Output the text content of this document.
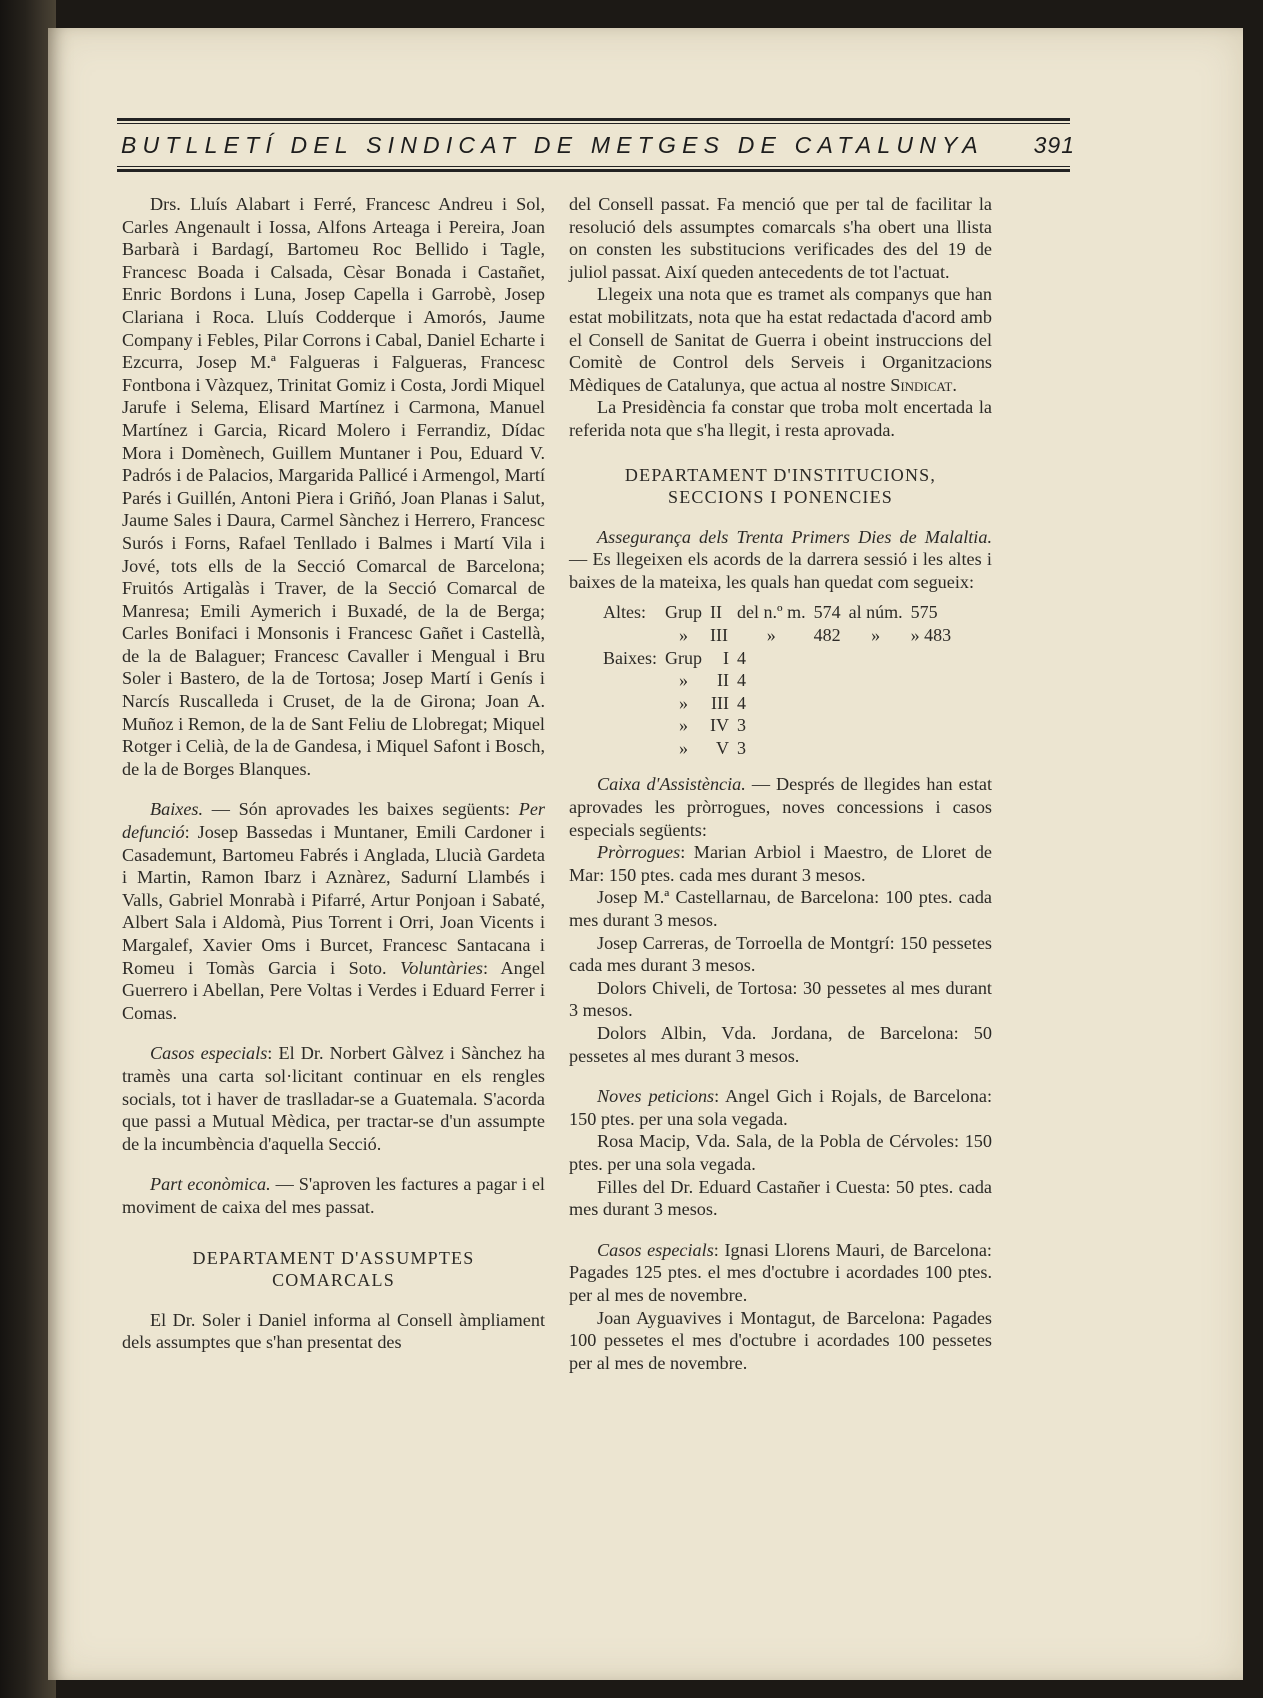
BUTLLETÍ DEL SINDICAT DE METGES DE CATALUNYA 391

Drs. Lluís Alabart i Ferré, Francesc Andreu i Sol, Carles Angenault i Iossa, Alfons Arteaga i Pereira, Joan Barbarà i Bardagí, Bartomeu Roc Bellido i Tagle, Francesc Boada i Calsada, Cèsar Bonada i Castañet, Enric Bordons i Luna, Josep Capella i Garrobè, Josep Clariana i Roca. Lluís Codderque i Amorós, Jaume Company i Febles, Pilar Corrons i Cabal, Daniel Echarte i Ezcurra, Josep M.ª Falgueras i Falgueras, Francesc Fontbona i Vàzquez, Trinitat Gomiz i Costa, Jordi Miquel Jarufe i Selema, Elisard Martínez i Carmona, Manuel Martínez i Garcia, Ricard Molero i Ferrandiz, Dídac Mora i Domènech, Guillem Muntaner i Pou, Eduard V. Padrós i de Palacios, Margarida Pallicé i Armengol, Martí Parés i Guillén, Antoni Piera i Griñó, Joan Planas i Salut, Jaume Sales i Daura, Carmel Sànchez i Herrero, Francesc Surós i Forns, Rafael Tenllado i Balmes i Martí Vila i Jové, tots ells de la Secció Comarcal de Barcelona; Fruitós Artigalàs i Traver, de la Secció Comarcal de Manresa; Emili Aymerich i Buxadé, de la de Berga; Carles Bonifaci i Monsonis i Francesc Gañet i Castellà, de la de Balaguer; Francesc Cavaller i Mengual i Bru Soler i Bastero, de la de Tortosa; Josep Martí i Genís i Narcís Ruscalleda i Cruset, de la de Girona; Joan A. Muñoz i Remon, de la de Sant Feliu de Llobregat; Miquel Rotger i Celià, de la de Gandesa, i Miquel Safont i Bosch, de la de Borges Blanques.

Baixes. — Són aprovades les baixes següents: Per defunció: Josep Bassedas i Muntaner, Emili Cardoner i Casademunt, Bartomeu Fabrés i Anglada, Llucià Gardeta i Martin, Ramon Ibarz i Aznàrez, Sadurní Llambés i Valls, Gabriel Monrabà i Pifarré, Artur Ponjoan i Sabaté, Albert Sala i Aldomà, Pius Torrent i Orri, Joan Vicents i Margalef, Xavier Oms i Burcet, Francesc Santacana i Romeu i Tomàs Garcia i Soto. Voluntàries: Angel Guerrero i Abellan, Pere Voltas i Verdes i Eduard Ferrer i Comas.

Casos especials: El Dr. Norbert Gàlvez i Sànchez ha tramès una carta sol·licitant continuar en els rengles socials, tot i haver de traslladar-se a Guatemala. S'acorda que passi a Mutual Mèdica, per tractar-se d'un assumpte de la incumbència d'aquella Secció.

Part econòmica. — S'aproven les factures a pagar i el moviment de caixa del mes passat.

DEPARTAMENT D'ASSUMPTES COMARCALS

El Dr. Soler i Daniel informa al Consell àmpliament dels assumptes que s'han presentat des

del Consell passat. Fa menció que per tal de facilitar la resolució dels assumptes comarcals s'ha obert una llista on consten les substitucions verificades des del 19 de juliol passat. Així queden antecedents de tot l'actuat.

Llegeix una nota que es tramet als companys que han estat mobilitzats, nota que ha estat redactada d'acord amb el Consell de Sanitat de Guerra i obeint instruccions del Comitè de Control dels Serveis i Organitzacions Mèdiques de Catalunya, que actua al nostre Sindicat.

La Presidència fa constar que troba molt encertada la referida nota que s'ha llegit, i resta aprovada.

DEPARTAMENT D'INSTITUCIONS,
SECCIONS I PONENCIES

Assegurança dels Trenta Primers Dies de Malaltia. — Es llegeixen els acords de la darrera sessió i les altes i baixes de la mateixa, les quals han quedat com segueix:

Altes:	Grup	II	del n.º m.	574	al núm.	575
	»	III	»	482	»	» 483
Baixes:	Grup	I	4			
	»	II	4			
	»	III	4			
	»	IV	3			
	»	V	3			

Caixa d'Assistència. — Després de llegides han estat aprovades les pròrrogues, noves concessions i casos especials següents:

Pròrrogues: Marian Arbiol i Maestro, de Lloret de Mar: 150 ptes. cada mes durant 3 mesos.

Josep M.ª Castellarnau, de Barcelona: 100 ptes. cada mes durant 3 mesos.

Josep Carreras, de Torroella de Montgrí: 150 pessetes cada mes durant 3 mesos.

Dolors Chiveli, de Tortosa: 30 pessetes al mes durant 3 mesos.

Dolors Albin, Vda. Jordana, de Barcelona: 50 pessetes al mes durant 3 mesos.

Noves peticions: Angel Gich i Rojals, de Barcelona: 150 ptes. per una sola vegada.

Rosa Macip, Vda. Sala, de la Pobla de Cérvoles: 150 ptes. per una sola vegada.

Filles del Dr. Eduard Castañer i Cuesta: 50 ptes. cada mes durant 3 mesos.

Casos especials: Ignasi Llorens Mauri, de Barcelona: Pagades 125 ptes. el mes d'octubre i acordades 100 ptes. per al mes de novembre.

Joan Ayguavives i Montagut, de Barcelona: Pagades 100 pessetes el mes d'octubre i acordades 100 pessetes per al mes de novembre.
